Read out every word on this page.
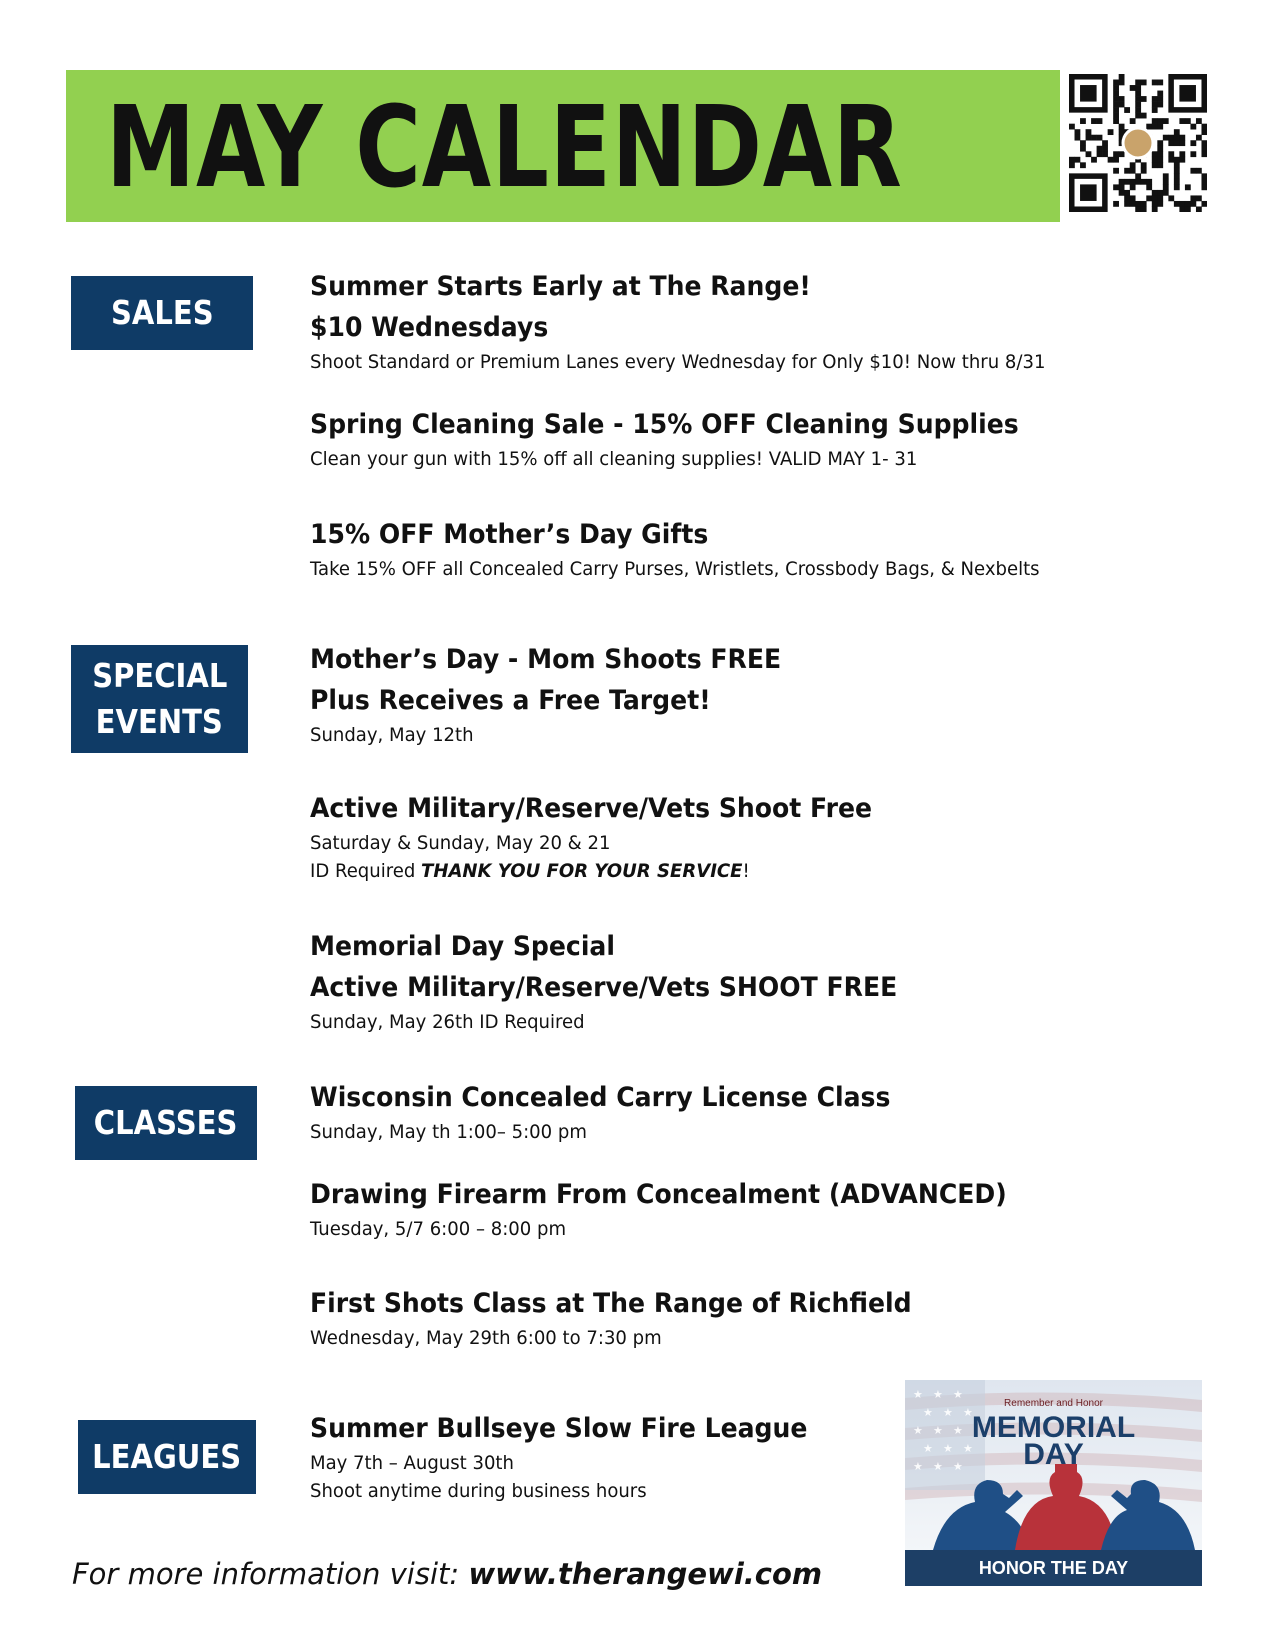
MAY CALENDAR
SALES
Summer Starts Early at The Range!
$10 Wednesdays
Shoot Standard or Premium Lanes every Wednesday for Only $10! Now thru 8/31
Spring Cleaning Sale - 15% OFF Cleaning Supplies
Clean your gun with 15% off all cleaning supplies! VALID MAY 1- 31
15% OFF Mother’s Day Gifts
Take 15% OFF all Concealed Carry Purses, Wristlets, Crossbody Bags, & Nexbelts
SPECIAL
EVENTS
Mother’s Day - Mom Shoots FREE
Plus Receives a Free Target!
Sunday, May 12th
Active Military/Reserve/Vets Shoot Free
Saturday & Sunday, May 20 & 21
ID Required THANK YOU FOR YOUR SERVICE!
Memorial Day Special
Active Military/Reserve/Vets SHOOT FREE
Sunday, May 26th ID Required
CLASSES
Wisconsin Concealed Carry License Class
Sunday, May th 1:00– 5:00 pm
Drawing Firearm From Concealment (ADVANCED)
Tuesday, 5/7 6:00 – 8:00 pm
First Shots Class at The Range of Richfield
Wednesday, May 29th 6:00 to 7:30 pm
LEAGUES
Summer Bullseye Slow Fire League
May 7th – August 30th
Shoot anytime during business hours
For more information visit: www.therangewi.com
★ ★ ★
★ ★ ★
★ ★ ★
★ ★ ★
★ ★ ★
Remember and Honor
MEMORIAL
DAY
HONOR THE DAY
